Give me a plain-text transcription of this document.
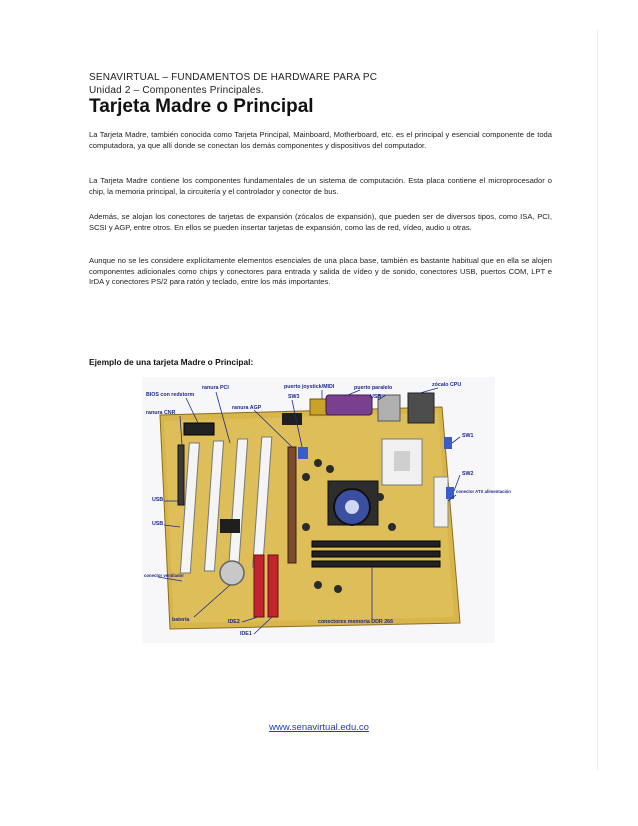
SENAVIRTUAL – FUNDAMENTOS DE HARDWARE PARA PC
Unidad 2 – Componentes Principales.
Tarjeta Madre o Principal
La Tarjeta Madre, también conocida como Tarjeta Principal, Mainboard, Motherboard, etc. es el principal y esencial componente de toda computadora, ya que allí donde se conectan los demás componentes y dispositivos del computador.
La Tarjeta Madre contiene los componentes fundamentales de un sistema de computación. Esta placa contiene el microprocesador o chip, la memoria principal, la circuitería y el controlador y conector de bus.
Además, se alojan los conectores de tarjetas de expansión (zócalos de expansión), que pueden ser de diversos tipos, como ISA, PCI, SCSI y AGP, entre otros. En ellos se pueden insertar tarjetas de expansión, como las de red, vídeo, audio u otras.
Aunque no se les considere explícitamente elementos esenciales de una placa base, también es bastante habitual que en ella se alojen componentes adicionales como chips y conectores para entrada y salida de vídeo y de sonido, conectores USB, puertos COM, LPT e IrDA y conectores PS/2 para ratón y teclado, entre los más importantes.
Ejemplo de una tarjeta Madre o Principal:
ranura PCI
BIOS con redstorm
ranura CNR
SW3
ranura AGP
puerto joystick/MIDI	puerto paralelo	zócalo CPU
USB
SW1
SW2
conector ATX alimentación
USB
USB
conector ventilador
batería	IDE2
IDE1
conectores memoria DDR 266
www.senavirtual.edu.co
